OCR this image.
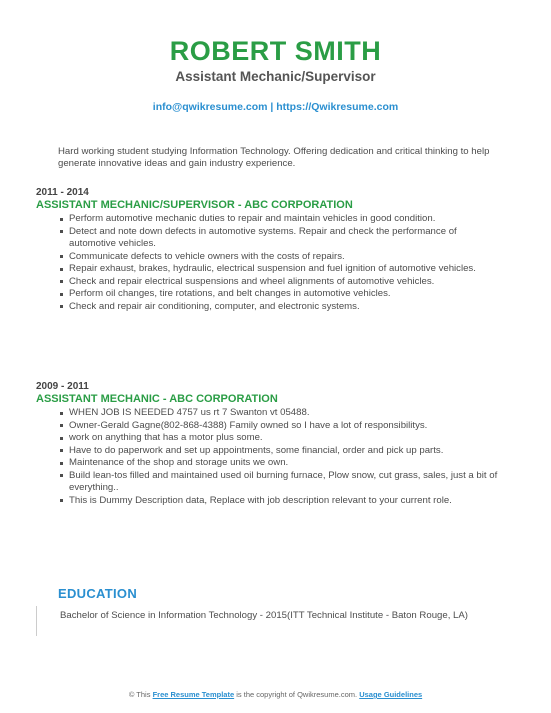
ROBERT SMITH
Assistant Mechanic/Supervisor
info@qwikresume.com | https://Qwikresume.com
Hard working student studying Information Technology. Offering dedication and critical thinking to help generate innovative ideas and gain industry experience.
2011 - 2014
ASSISTANT MECHANIC/SUPERVISOR - ABC CORPORATION
Perform automotive mechanic duties to repair and maintain vehicles in good condition.
Detect and note down defects in automotive systems. Repair and check the performance of automotive vehicles.
Communicate defects to vehicle owners with the costs of repairs.
Repair exhaust, brakes, hydraulic, electrical suspension and fuel ignition of automotive vehicles.
Check and repair electrical suspensions and wheel alignments of automotive vehicles.
Perform oil changes, tire rotations, and belt changes in automotive vehicles.
Check and repair air conditioning, computer, and electronic systems.
2009 - 2011
ASSISTANT MECHANIC - ABC CORPORATION
WHEN JOB IS NEEDED 4757 us rt 7 Swanton vt 05488.
Owner-Gerald Gagne(802-868-4388) Family owned so I have a lot of responsibilitys.
work on anything that has a motor plus some.
Have to do paperwork and set up appointments, some financial, order and pick up parts.
Maintenance of the shop and storage units we own.
Build lean-tos filled and maintained used oil burning furnace, Plow snow, cut grass, sales, just a bit of everything..
This is Dummy Description data, Replace with job description relevant to your current role.
EDUCATION
Bachelor of Science in Information Technology - 2015(ITT Technical Institute - Baton Rouge, LA)
© This Free Resume Template is the copyright of Qwikresume.com. Usage Guidelines
